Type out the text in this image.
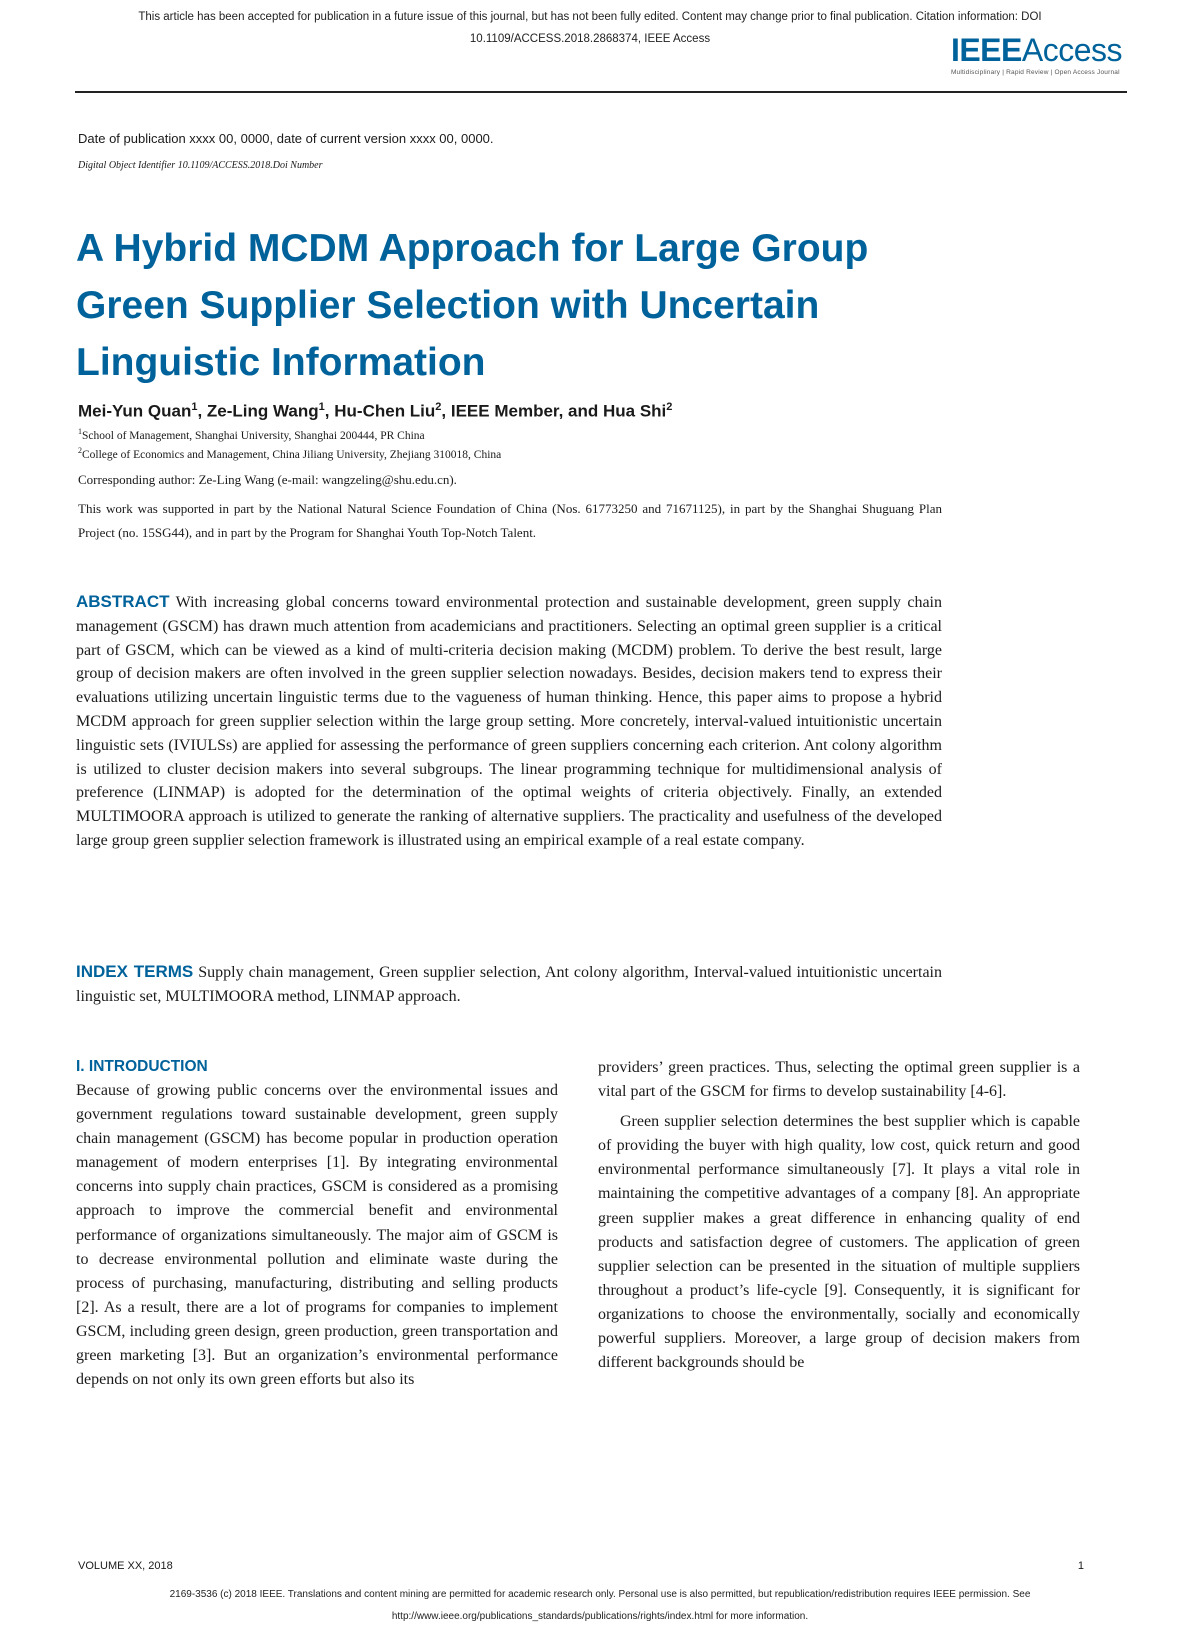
This article has been accepted for publication in a future issue of this journal, but has not been fully edited. Content may change prior to final publication. Citation information: DOI
10.1109/ACCESS.2018.2868374, IEEE Access	IEEEAccess
Multidisciplinary | Rapid Review | Open Access Journal
Date of publication xxxx 00, 0000, date of current version xxxx 00, 0000.
Digital Object Identifier 10.1109/ACCESS.2018.Doi Number
A Hybrid MCDM Approach for Large Group
Green Supplier Selection with Uncertain
Linguistic Information
Mei-Yun Quan$^1$, Ze-Ling Wang$^1$, Hu-Chen Liu$^2$, IEEE Member, and Hua Shi$^2$
$^1$School of Management, Shanghai University, Shanghai 200444, PR China
$^2$College of Economics and Management, China Jiliang University, Zhejiang 310018, China
Corresponding author: Ze-Ling Wang (e-mail: wangzeling@shu.edu.cn).
This work was supported in part by the National Natural Science Foundation of China (Nos. 61773250 and 71671125), in part by the Shanghai Shuguang Plan Project (no. 15SG44), and in part by the Program for Shanghai Youth Top-Notch Talent.

ABSTRACT With increasing global concerns toward environmental protection and sustainable development, green supply chain management (GSCM) has drawn much attention from academicians and practitioners. Selecting an optimal green supplier is a critical part of GSCM, which can be viewed as a kind of multi-criteria decision making (MCDM) problem. To derive the best result, large group of decision makers are often involved in the green supplier selection nowadays. Besides, decision makers tend to express their evaluations utilizing uncertain linguistic terms due to the vagueness of human thinking. Hence, this paper aims to propose a hybrid MCDM approach for green supplier selection within the large group setting. More concretely, interval-valued intuitionistic uncertain linguistic sets (IVIULSs) are applied for assessing the performance of green suppliers concerning each criterion. Ant colony algorithm is utilized to cluster decision makers into several subgroups. The linear programming technique for multidimensional analysis of preference (LINMAP) is adopted for the determination of the optimal weights of criteria objectively. Finally, an extended MULTIMOORA approach is utilized to generate the ranking of alternative suppliers. The practicality and usefulness of the developed large group green supplier selection framework is illustrated using an empirical example of a real estate company.

INDEX TERMS Supply chain management, Green supplier selection, Ant colony algorithm, Interval-valued intuitionistic uncertain linguistic set, MULTIMOORA method, LINMAP approach.

I. INTRODUCTION

Because of growing public concerns over the environmental issues and government regulations toward sustainable development, green supply chain management (GSCM) has become popular in production operation management of modern enterprises [1]. By integrating environmental concerns into supply chain practices, GSCM is considered as a promising approach to improve the commercial benefit and environmental performance of organizations simultaneously. The major aim of GSCM is to decrease environmental pollution and eliminate waste during the process of purchasing, manufacturing, distributing and selling products [2]. As a result, there are a lot of programs for companies to implement GSCM, including green design, green production, green transportation and green marketing [3]. But an organization’s environmental performance depends on not only its own green efforts but also its

providers’ green practices. Thus, selecting the optimal green supplier is a vital part of the GSCM for firms to develop sustainability [4-6].

Green supplier selection determines the best supplier which is capable of providing the buyer with high quality, low cost, quick return and good environmental performance simultaneously [7]. It plays a vital role in maintaining the competitive advantages of a company [8]. An appropriate green supplier makes a great difference in enhancing quality of end products and satisfaction degree of customers. The application of green supplier selection can be presented in the situation of multiple suppliers throughout a product’s life-cycle [9]. Consequently, it is significant for organizations to choose the environmentally, socially and economically powerful suppliers. Moreover, a large group of decision makers from different backgrounds should be

VOLUME XX, 2018	1
2169-3536 (c) 2018 IEEE. Translations and content mining are permitted for academic research only. Personal use is also permitted, but republication/redistribution requires IEEE permission. See
http://www.ieee.org/publications_standards/publications/rights/index.html for more information.
